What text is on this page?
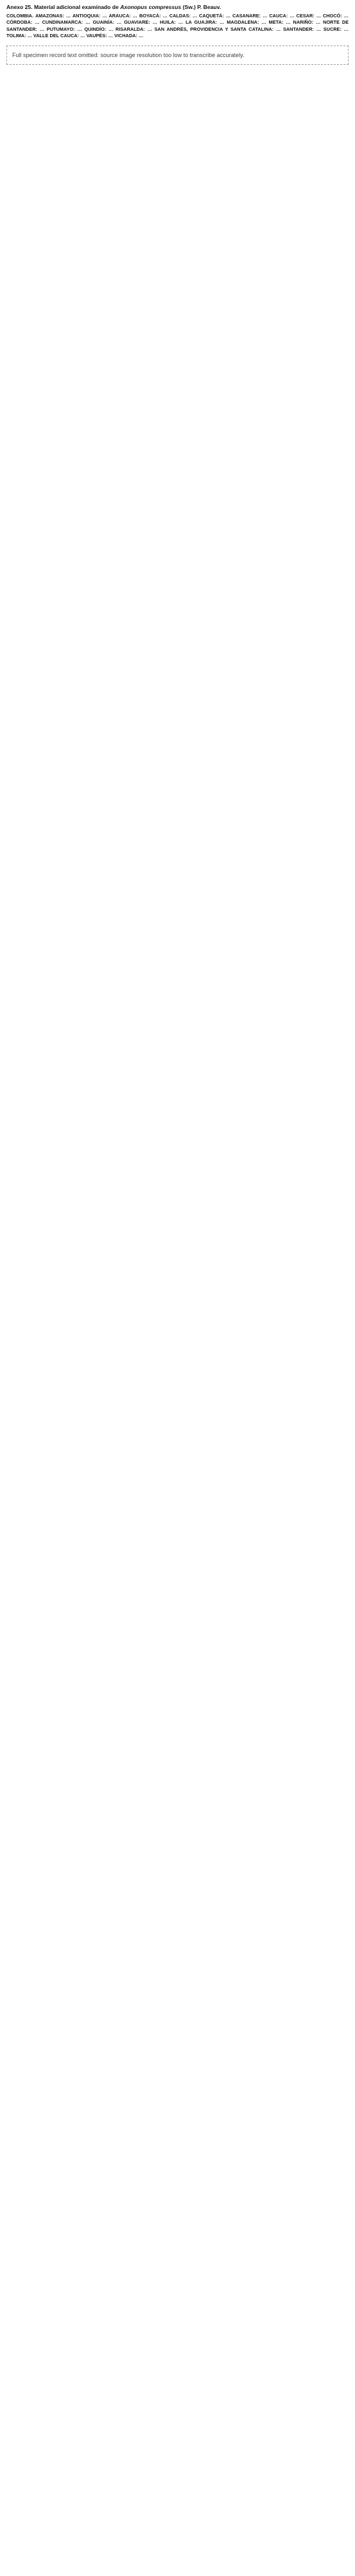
Anexo 25. Material adicional examinado de Axonopus compressus (Sw.) P. Beauv.

COLOMBIA. AMAZONAS: … ANTIOQUIA: … ARAUCA: … BOYACÁ: … CALDAS: … CAQUETÁ: … CASANARE: … CAUCA: … CESAR: … CHOCÓ: … CÓRDOBA: … CUNDINAMARCA: … GUAINÍA: … GUAVIARE: … HUILA: … LA GUAJIRA: … MAGDALENA: … META: … NARIÑO: … NORTE DE SANTANDER: … PUTUMAYO: … QUINDÍO: … RISARALDA: … SAN ANDRÉS, PROVIDENCIA Y SANTA CATALINA: … SANTANDER: … SUCRE: … TOLIMA: … VALLE DEL CAUCA: … VAUPÉS: … VICHADA: …
Full specimen record text omitted: source image resolution too low to transcribe accurately.
